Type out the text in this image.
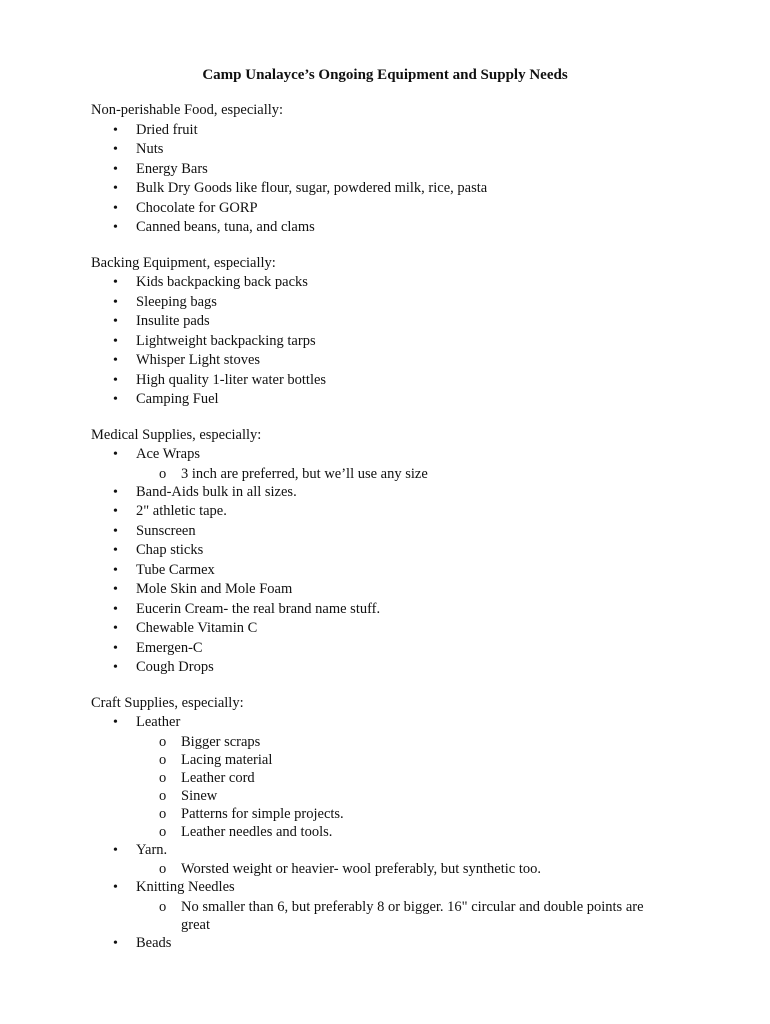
Camp Unalayce’s Ongoing Equipment and Supply Needs
Non-perishable Food, especially:
• Dried fruit
• Nuts
• Energy Bars
• Bulk Dry Goods like flour, sugar, powdered milk, rice, pasta
• Chocolate for GORP
• Canned beans, tuna, and clams
Backing Equipment, especially:
• Kids backpacking back packs
• Sleeping bags
• Insulite pads
• Lightweight backpacking tarps
• Whisper Light stoves
• High quality 1-liter water bottles
• Camping Fuel
Medical Supplies, especially:
• Ace Wraps
o 3 inch are preferred, but we’ll use any size
• Band-Aids bulk in all sizes.
• 2" athletic tape.
• Sunscreen
• Chap sticks
• Tube Carmex
• Mole Skin and Mole Foam
• Eucerin Cream- the real brand name stuff.
• Chewable Vitamin C
• Emergen-C
• Cough Drops
Craft Supplies, especially:
• Leather
o Bigger scraps
o Lacing material
o Leather cord
o Sinew
o Patterns for simple projects.
o Leather needles and tools.
• Yarn.
o Worsted weight or heavier- wool preferably, but synthetic too.
• Knitting Needles
o No smaller than 6, but preferably 8 or bigger. 16" circular and double points are great
• Beads
